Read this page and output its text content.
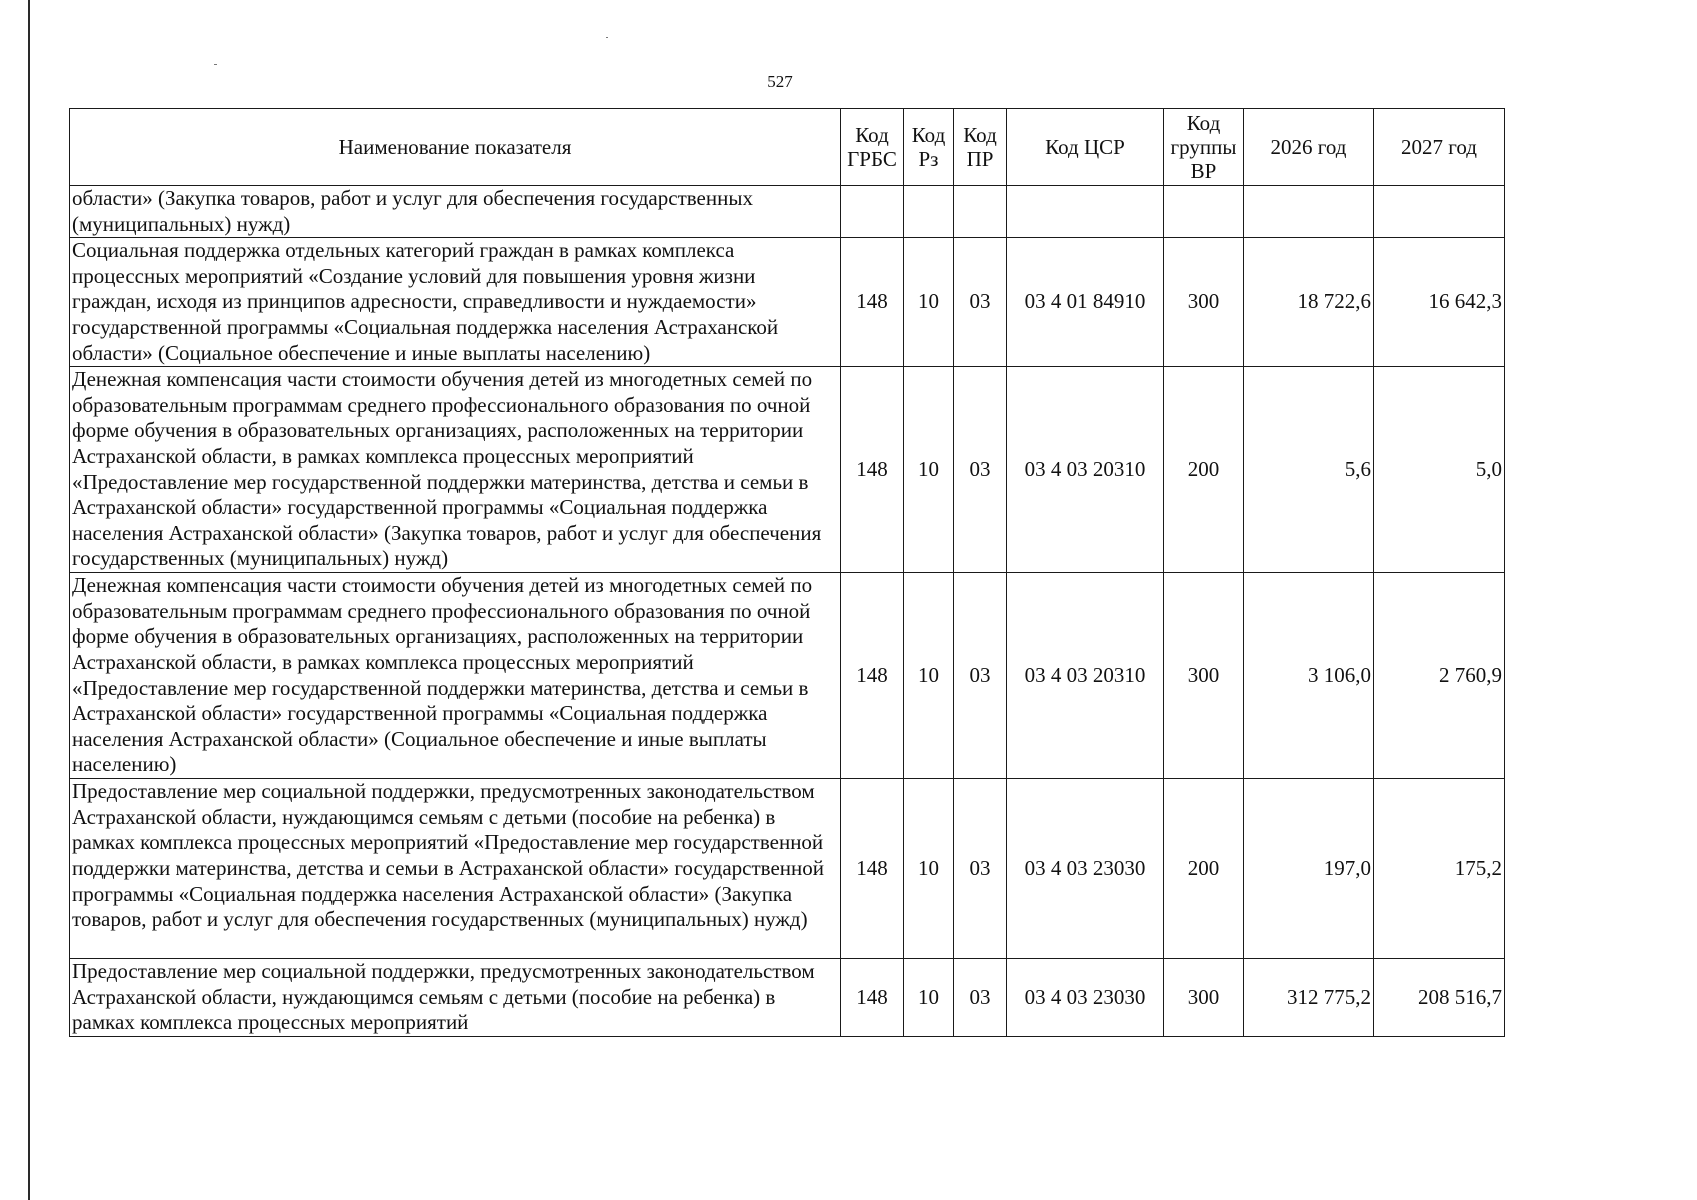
527
Наименование показателя	Код ГРБС	Код Рз	Код ПР	Код ЦСР	Код группы ВР	2026 год	2027 год
области» (Закупка товаров, работ и услуг для обеспечения государственных (муниципальных) нужд)							
Социальная поддержка отдельных категорий граждан в рамках комплекса процессных мероприятий «Создание условий для повышения уровня жизни граждан, исходя из принципов адресности, справедливости и нуждаемости» государственной программы «Социальная поддержка населения Астраханской области» (Социальное обеспечение и иные выплаты населению)	148	10	03	03 4 01 84910	300	18 722,6	16 642,3
Денежная компенсация части стоимости обучения детей из многодетных семей по образовательным программам среднего профессионального образования по очной форме обучения в образовательных организациях, расположенных на территории Астраханской области, в рамках комплекса процессных мероприятий «Предоставление мер государственной поддержки материнства, детства и семьи в Астраханской области» государственной программы «Социальная поддержка населения Астраханской области» (Закупка товаров, работ и услуг для обеспечения государственных (муниципальных) нужд)	148	10	03	03 4 03 20310	200	5,6	5,0
Денежная компенсация части стоимости обучения детей из многодетных семей по образовательным программам среднего профессионального образования по очной форме обучения в образовательных организациях, расположенных на территории Астраханской области, в рамках комплекса процессных мероприятий «Предоставление мер государственной поддержки материнства, детства и семьи в Астраханской области» государственной программы «Социальная поддержка населения Астраханской области» (Социальное обеспечение и иные выплаты населению)	148	10	03	03 4 03 20310	300	3 106,0	2 760,9
Предоставление мер социальной поддержки, предусмотренных законодательством Астраханской области, нуждающимся семьям с детьми (пособие на ребенка) в рамках комплекса процессных мероприятий «Предоставление мер государственной поддержки материнства, детства и семьи в Астраханской области» государственной программы «Социальная поддержка населения Астраханской области» (Закупка товаров, работ и услуг для обеспечения государственных (муниципальных) нужд)	148	10	03	03 4 03 23030	200	197,0	175,2
Предоставление мер социальной поддержки, предусмотренных законодательством Астраханской области, нуждающимся семьям с детьми (пособие на ребенка) в рамках комплекса процессных мероприятий	148	10	03	03 4 03 23030	300	312 775,2	208 516,7
